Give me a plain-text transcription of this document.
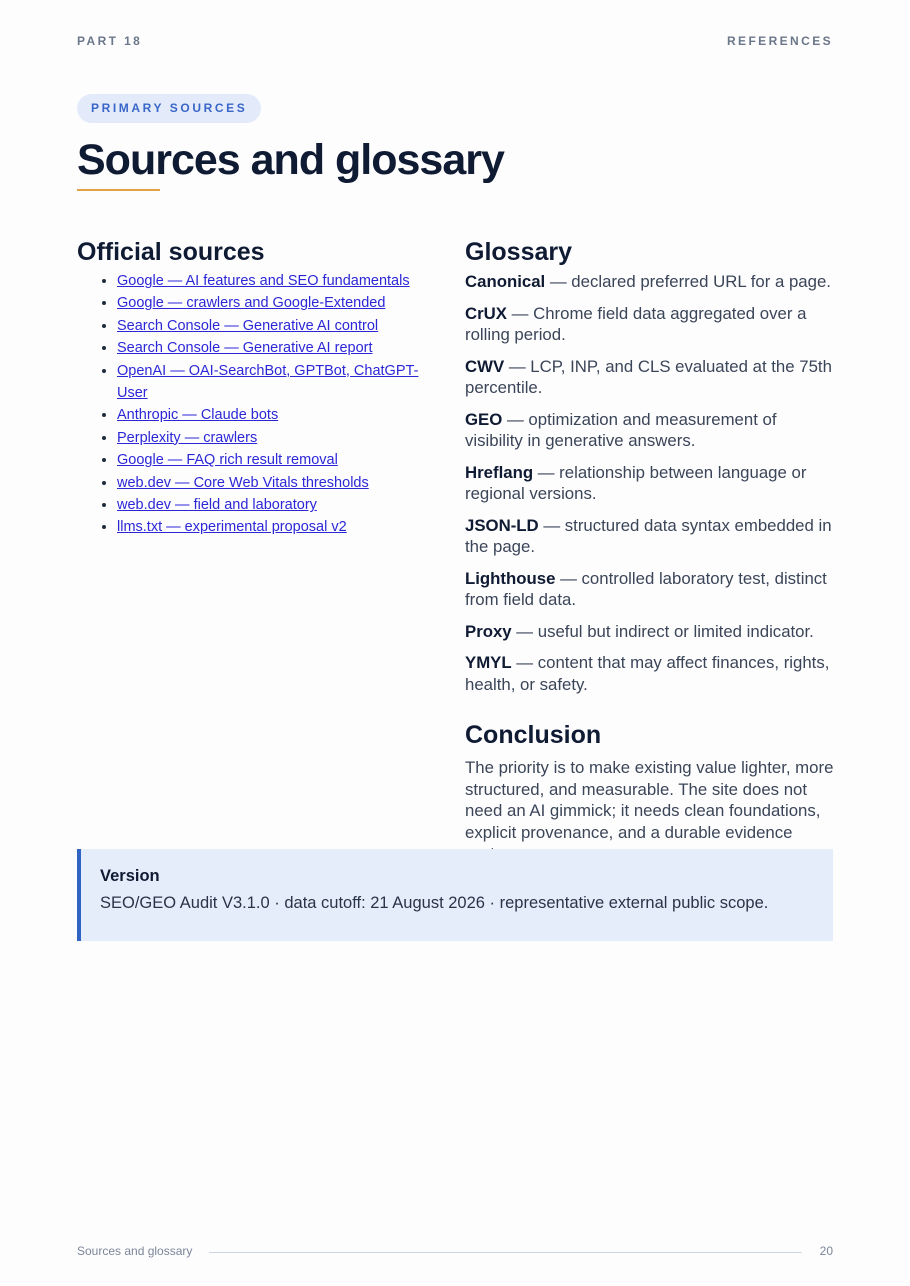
PART 18	REFERENCES
PRIMARY SOURCES
Sources and glossary
Official sources
• Google — AI features and SEO fundamentals
• Google — crawlers and Google-Extended
• Search Console — Generative AI control
• Search Console — Generative AI report
• OpenAI — OAI-SearchBot, GPTBot, ChatGPT-User
• Anthropic — Claude bots
• Perplexity — crawlers
• Google — FAQ rich result removal
• web.dev — Core Web Vitals thresholds
• web.dev — field and laboratory
• llms.txt — experimental proposal v2
Glossary
Canonical — declared preferred URL for a page.
CrUX — Chrome field data aggregated over a rolling period.
CWV — LCP, INP, and CLS evaluated at the 75th percentile.
GEO — optimization and measurement of visibility in generative answers.
Hreflang — relationship between language or regional versions.
JSON-LD — structured data syntax embedded in the page.
Lighthouse — controlled laboratory test, distinct from field data.
Proxy — useful but indirect or limited indicator.
YMYL — content that may affect finances, rights, health, or safety.
Conclusion

The priority is to make existing value lighter, more structured, and measurable. The site does not need an AI gimmick; it needs clean foundations, explicit provenance, and a durable evidence

Version
SEO/GEO Audit V3.1.0 · data cutoff: 21 August 2026 · representative external public scope.
Sources and glossary	20
